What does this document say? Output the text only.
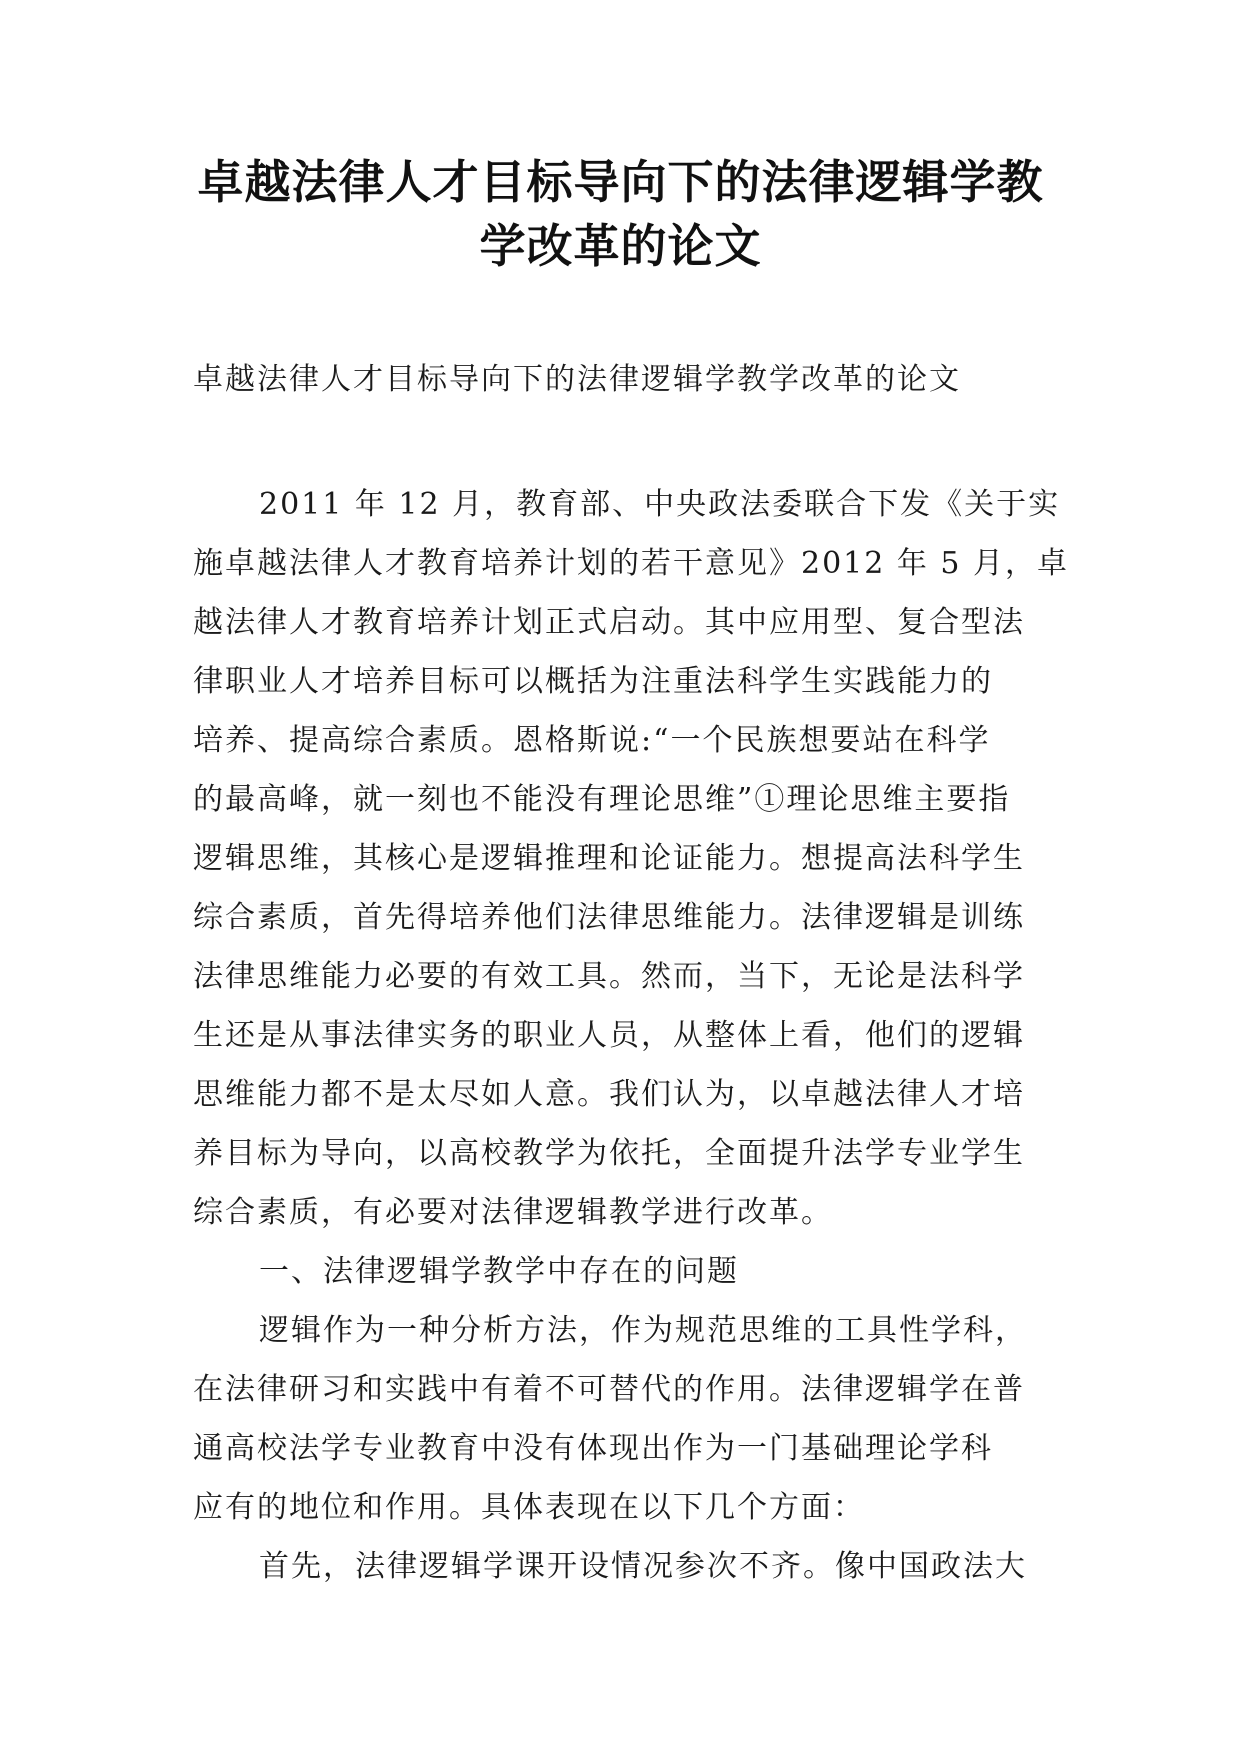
卓越法律人才目标导向下的法律逻辑学教
学改革的论文
卓越法律人才目标导向下的法律逻辑学教学改革的论文
2011 年 12 月，教育部、中央政法委联合下发《关于实
施卓越法律人才教育培养计划的若干意见》2012 年 5 月，卓
越法律人才教育培养计划正式启动。其中应用型、复合型法
律职业人才培养目标可以概括为注重法科学生实践能力的
培养、提高综合素质。恩格斯说:“一个民族想要站在科学
的最高峰，就一刻也不能没有理论思维”①理论思维主要指
逻辑思维，其核心是逻辑推理和论证能力。想提高法科学生
综合素质，首先得培养他们法律思维能力。法律逻辑是训练
法律思维能力必要的有效工具。然而，当下，无论是法科学
生还是从事法律实务的职业人员，从整体上看，他们的逻辑
思维能力都不是太尽如人意。我们认为，以卓越法律人才培
养目标为导向，以高校教学为依托，全面提升法学专业学生
综合素质，有必要对法律逻辑教学进行改革。
一、法律逻辑学教学中存在的问题
逻辑作为一种分析方法，作为规范思维的工具性学科，
在法律研习和实践中有着不可替代的作用。法律逻辑学在普
通高校法学专业教育中没有体现出作为一门基础理论学科
应有的地位和作用。具体表现在以下几个方面：
首先，法律逻辑学课开设情况参次不齐。像中国政法大
